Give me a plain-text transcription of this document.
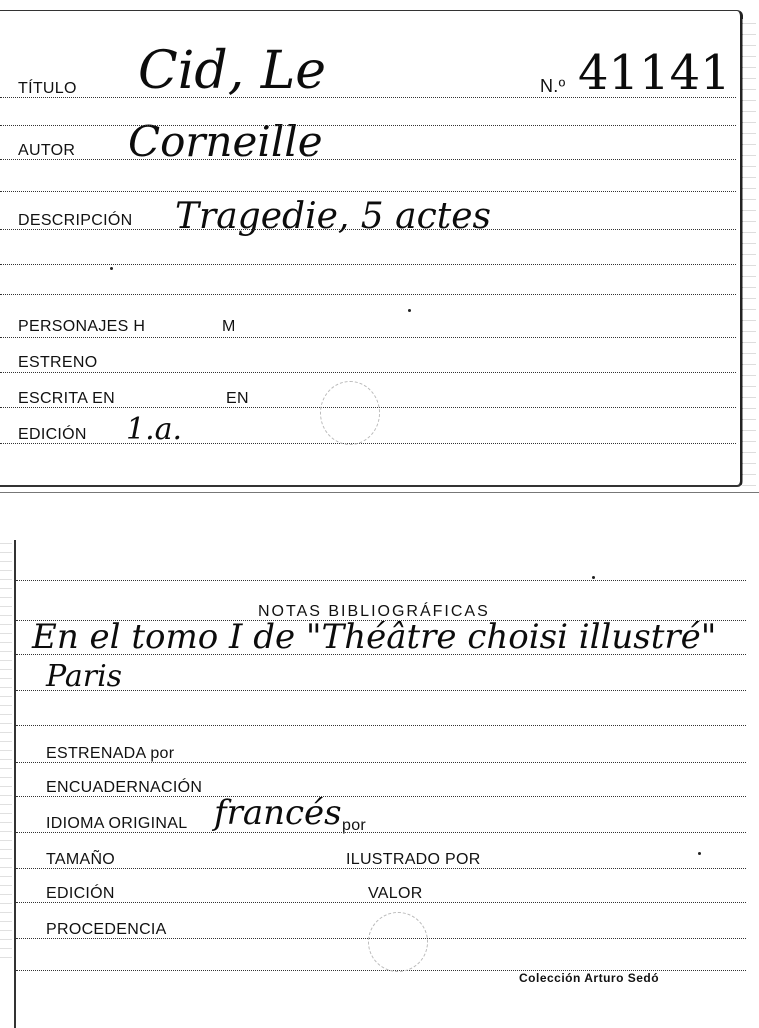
TÍTULO Cid, Le	N.º 41141
AUTOR Corneille
DESCRIPCIÓN Tragedie, 5 actes
PERSONAJES H	M
ESTRENO
ESCRITA EN	EN
EDICIÓN 1.a.
NOTAS BIBLIOGRÁFICAS
En el tomo I de "Théâtre choisi illustré"
Paris
ESTRENADA por
ENCUADERNACIÓN
IDIOMA ORIGINAL francés por
TAMAÑO	ILUSTRADO POR
EDICIÓN	VALOR
PROCEDENCIA
Colección Arturo Sedó
